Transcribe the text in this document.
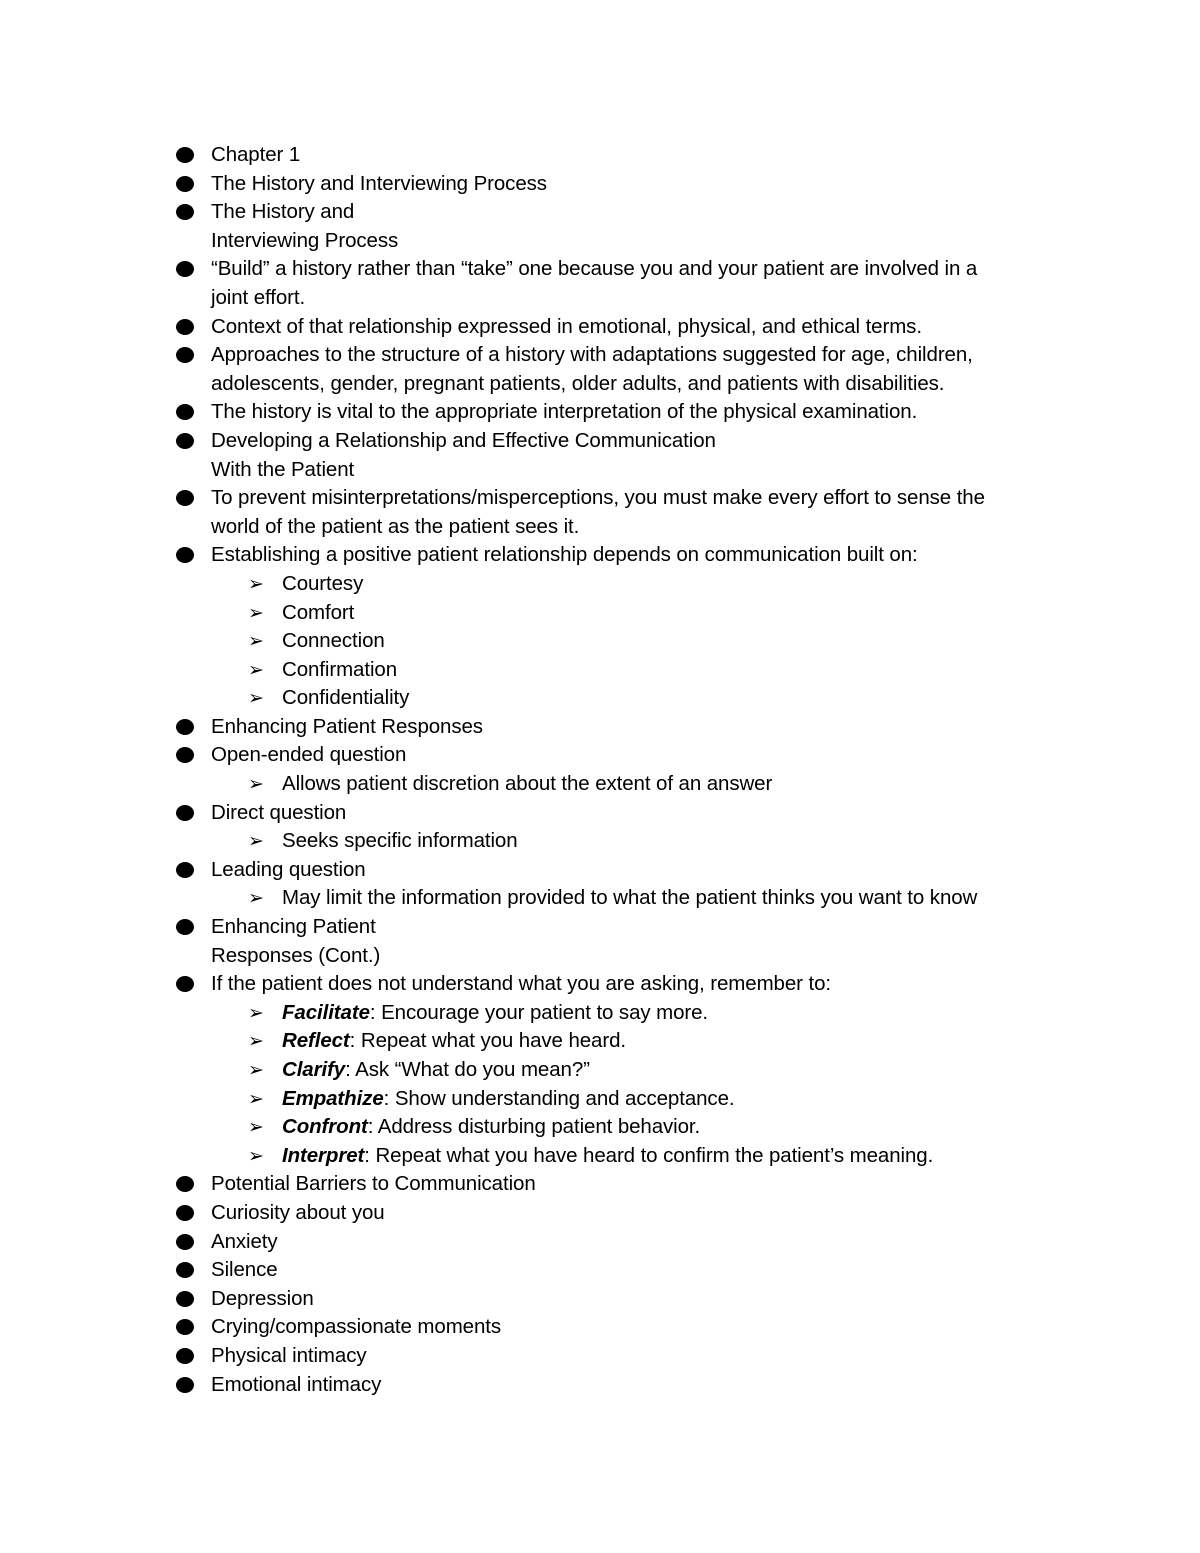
Chapter 1
The History and Interviewing Process
The History and
Interviewing Process
“Build” a history rather than “take” one because you and your patient are involved in a
joint effort.
Context of that relationship expressed in emotional, physical, and ethical terms.
Approaches to the structure of a history with adaptations suggested for age, children,
adolescents, gender, pregnant patients, older adults, and patients with disabilities.
The history is vital to the appropriate interpretation of the physical examination.
Developing a Relationship and Effective Communication
With the Patient
To prevent misinterpretations/misperceptions, you must make every effort to sense the
world of the patient as the patient sees it.
Establishing a positive patient relationship depends on communication built on:
➢ Courtesy
➢ Comfort
➢ Connection
➢ Confirmation
➢ Confidentiality
Enhancing Patient Responses
Open-ended question
➢ Allows patient discretion about the extent of an answer
Direct question
➢ Seeks specific information
Leading question
➢ May limit the information provided to what the patient thinks you want to know
Enhancing Patient
Responses (Cont.)
If the patient does not understand what you are asking, remember to:
➢ Facilitate: Encourage your patient to say more.
➢ Reflect: Repeat what you have heard.
➢ Clarify: Ask “What do you mean?”
➢ Empathize: Show understanding and acceptance.
➢ Confront: Address disturbing patient behavior.
➢ Interpret: Repeat what you have heard to confirm the patient’s meaning.
Potential Barriers to Communication
Curiosity about you
Anxiety
Silence
Depression
Crying/compassionate moments
Physical intimacy
Emotional intimacy
